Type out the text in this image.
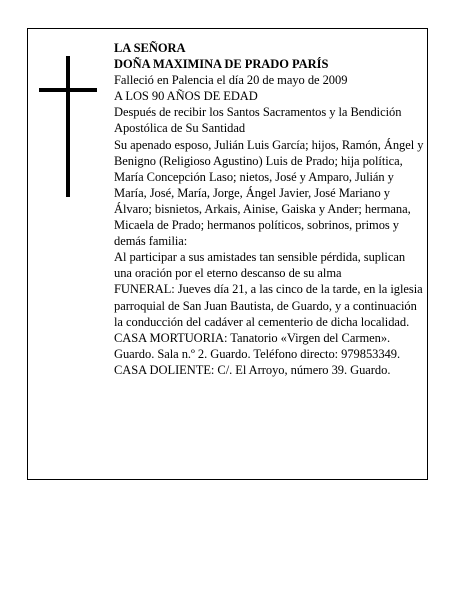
LA SEÑORA

DOÑA MAXIMINA DE PRADO PARÍS

Falleció en Palencia el día 20 de mayo de 2009

A LOS 90 AÑOS DE EDAD

Después de recibir los Santos Sacramentos y la Bendición Apostólica de Su Santidad

Su apenado esposo, Julián Luis García; hijos, Ramón, Ángel y Benigno (Religioso Agustino) Luis de Prado; hija política, María Concepción Laso; nietos, José y Amparo, Julián y María, José, María, Jorge, Ángel Javier, José Mariano y Álvaro; bisnietos, Arkais, Ainise, Gaiska y Ander; hermana, Micaela de Prado; hermanos políticos, sobrinos, primos y demás familia:

Al participar a sus amistades tan sensible pérdida, suplican una oración por el eterno descanso de su alma

FUNERAL: Jueves día 21, a las cinco de la tarde, en la iglesia parroquial de San Juan Bautista, de Guardo, y a continuación la conducción del cadáver al cementerio de dicha localidad.

CASA MORTUORIA: Tanatorio «Virgen del Carmen». Guardo. Sala n.º 2. Guardo. Teléfono directo: 979853349.

CASA DOLIENTE: C/. El Arroyo, número 39. Guardo.
